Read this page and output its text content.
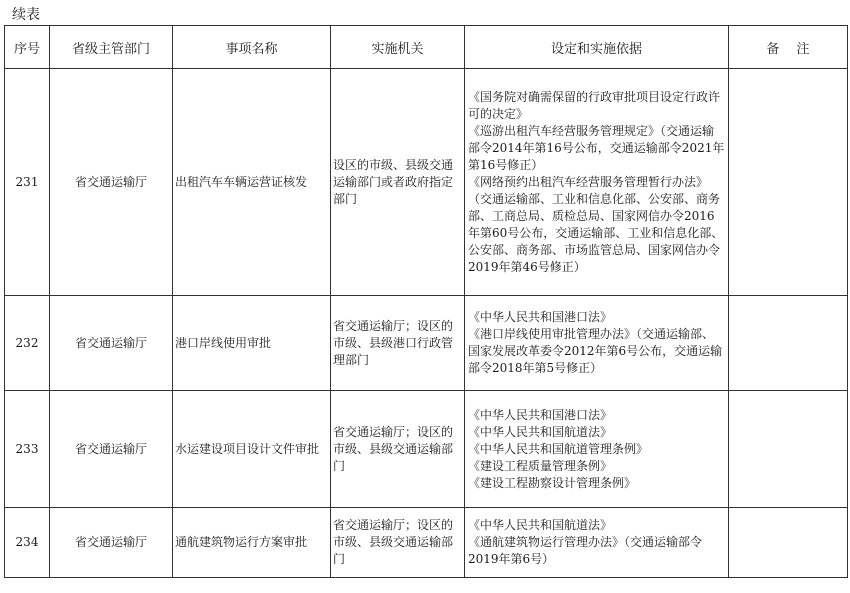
续表
序号	省级主管部门	事项名称	实施机关	设定和实施依据	备　 注
231	省交通运输厅	出租汽车车辆运营证核发	设区的市级、县级交通运输部门或者政府指定部门	《国务院对确需保留的行政审批项目设定行政许可的决定》
《巡游出租汽车经营服务管理规定》（交通运输部令2014年第16号公布，交通运输部令2021年第16号修正）
《网络预约出租汽车经营服务管理暂行办法》（交通运输部、工业和信息化部、公安部、商务部、工商总局、质检总局、国家网信办令2016年第60号公布，交通运输部、工业和信息化部、公安部、商务部、市场监管总局、国家网信办令2019年第46号修正）	

232	省交通运输厅	港口岸线使用审批	省交通运输厅；设区的市级、县级港口行政管理部门	《中华人民共和国港口法》
《港口岸线使用审批管理办法》（交通运输部、国家发展改革委令2012年第6号公布，交通运输部令2018年第5号修正）	

233	省交通运输厅	水运建设项目设计文件审批	省交通运输厅；设区的市级、县级交通运输部门	《中华人民共和国港口法》
《中华人民共和国航道法》
《中华人民共和国航道管理条例》
《建设工程质量管理条例》
《建设工程勘察设计管理条例》	

234	省交通运输厅	通航建筑物运行方案审批	省交通运输厅；设区的市级、县级交通运输部门	《中华人民共和国航道法》
《通航建筑物运行管理办法》（交通运输部令2019年第6号）	
